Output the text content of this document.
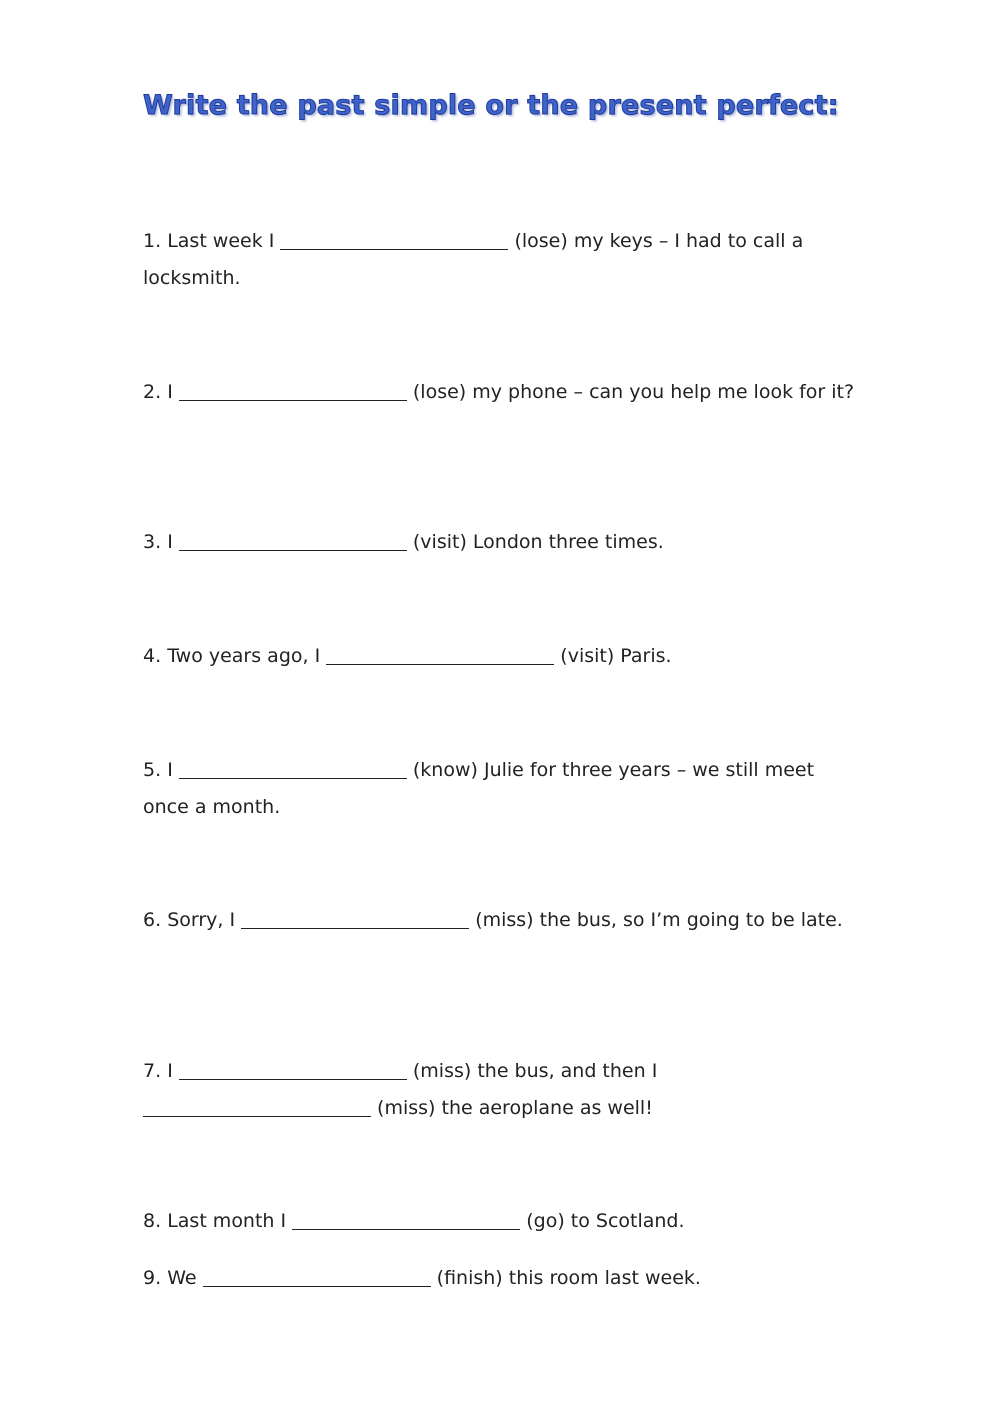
Write the past simple or the present perfect:

1. Last week I	(lose) my keys – I had to call a locksmith.

2. I	(lose) my phone – can you help me look for it?

3. I	(visit) London three times.

4. Two years ago, I	(visit) Paris.

5. I	(know) Julie for three years – we still meet once a month.

6. Sorry, I	(miss) the bus, so I’m going to be late.

7. I	(miss) the bus, and then I  (miss) the aeroplane as well!

8. Last month I	(go) to Scotland.

9. We	(finish) this room last week.
